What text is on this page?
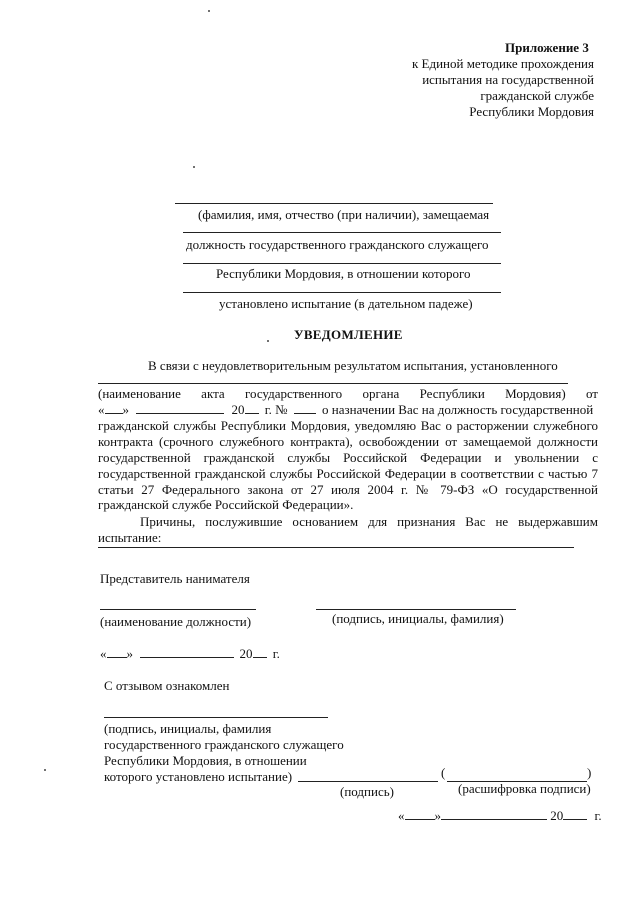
Приложение 3
к Единой методике прохождения
испытания на государственной
гражданской службе
Республики Мордовия
(фамилия, имя, отчество (при наличии), замещаемая
должность государственного гражданского служащего
Республики Мордовия, в отношении которого
установлено испытание (в дательном падеже)
УВЕДОМЛЕНИЕ
В связи с неудовлетворительным результатом испытания, установленного
(наименование акта государственного органа Республики Мордовия) от
« »	20 г. №	о назначении Вас на должность государственной
гражданской службы Республики Мордовия, уведомляю Вас о расторжении служебного
контракта (срочного служебного контракта), освобождении от замещаемой должности
государственной гражданской службы Российской Федерации и увольнении с
государственной гражданской службы Российской Федерации в соответствии с частью 7
статьи 27 Федерального закона от 27 июля 2004 г. № 79-ФЗ «О государственной
гражданской службе Российской Федерации».
Причины, послужившие основанием для признания Вас не выдержавшим
испытание:
Представитель нанимателя
(наименование должности)	(подпись, инициалы, фамилия)
« »	20 г.
С отзывом ознакомлен
(подпись, инициалы, фамилия
государственного гражданского служащего
Республики Мордовия, в отношении
которого установлено испытание)	(	)
(подпись)	(расшифровка подписи)
« »	20 г.
